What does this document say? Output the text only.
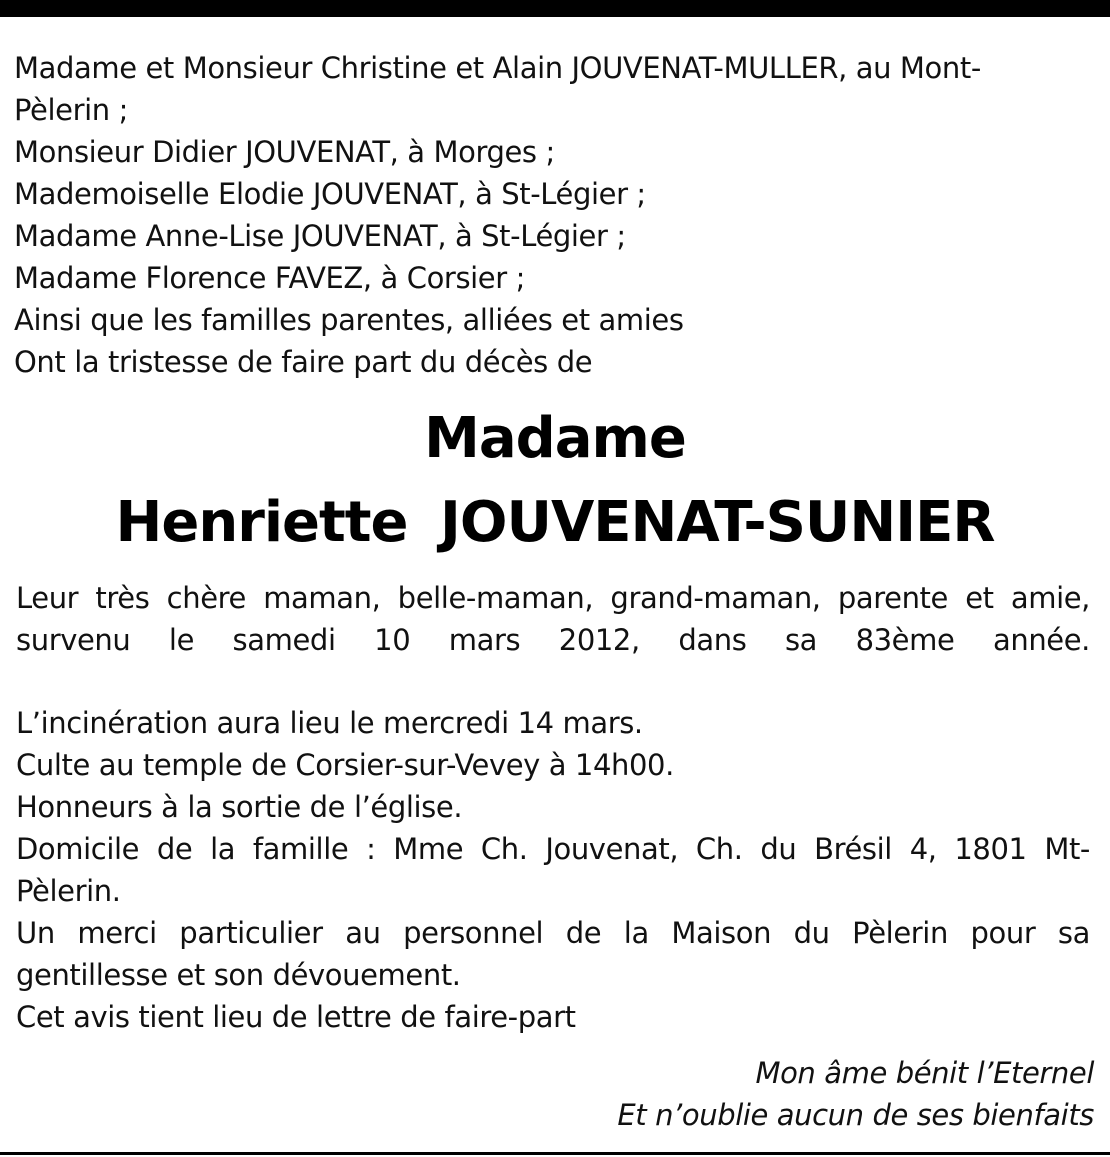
Madame et Monsieur Christine et Alain JOUVENAT-MULLER, au Mont-
Pèlerin ;
Monsieur Didier JOUVENAT, à Morges ;
Mademoiselle Elodie JOUVENAT, à St-Légier ;
Madame Anne-Lise JOUVENAT, à St-Légier ;
Madame Florence FAVEZ, à Corsier ;
Ainsi que les familles parentes, alliées et amies
Ont la tristesse de faire part du décès de
Madame
Henriette JOUVENAT-SUNIER
Leur très chère maman, belle-maman, grand-maman, parente et amie,
survenu le samedi 10 mars 2012, dans sa 83ème année.
L’incinération aura lieu le mercredi 14 mars.
Culte au temple de Corsier-sur-Vevey à 14h00.
Honneurs à la sortie de l’église.
Domicile de la famille : Mme Ch. Jouvenat, Ch. du Brésil 4, 1801 Mt-
Pèlerin.
Un merci particulier au personnel de la Maison du Pèlerin pour sa
gentillesse et son dévouement.
Cet avis tient lieu de lettre de faire-part
Mon âme bénit l’Eternel
Et n’oublie aucun de ses bienfaits
